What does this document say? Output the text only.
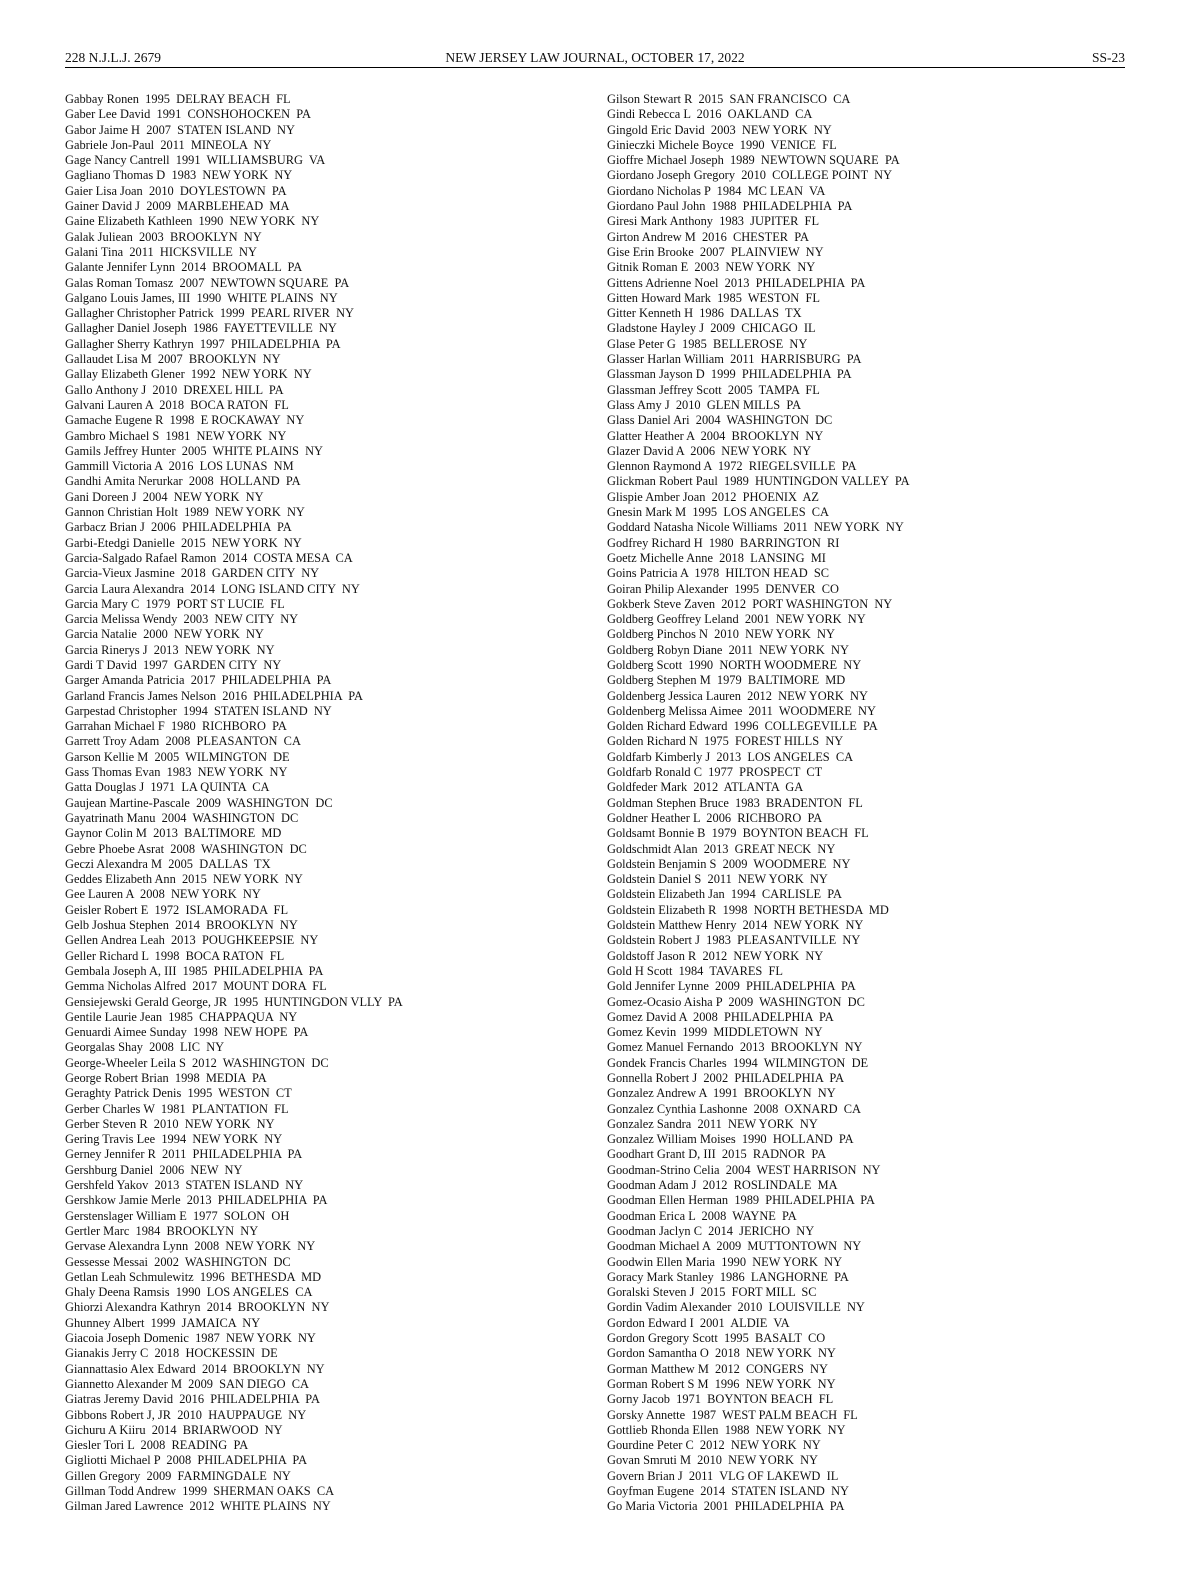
228 N.J.L.J. 2679	NEW JERSEY LAW JOURNAL, OCTOBER 17, 2022	SS-23
Gabbay Ronen  1995  DELRAY BEACH  FL
Gaber Lee David  1991  CONSHOHOCKEN  PA
Gabor Jaime H  2007  STATEN ISLAND  NY
Gabriele Jon-Paul  2011  MINEOLA  NY
Gage Nancy Cantrell  1991  WILLIAMSBURG  VA
Gagliano Thomas D  1983  NEW YORK  NY
Gaier Lisa Joan  2010  DOYLESTOWN  PA
Gainer David J  2009  MARBLEHEAD  MA
Gaine Elizabeth Kathleen  1990  NEW YORK  NY
Galak Juliean  2003  BROOKLYN  NY
Galani Tina  2011  HICKSVILLE  NY
Galante Jennifer Lynn  2014  BROOMALL  PA
Galas Roman Tomasz  2007  NEWTOWN SQUARE  PA
Galgano Louis James, III  1990  WHITE PLAINS  NY
Gallagher Christopher Patrick  1999  PEARL RIVER  NY
Gallagher Daniel Joseph  1986  FAYETTEVILLE  NY
Gallagher Sherry Kathryn  1997  PHILADELPHIA  PA
Gallaudet Lisa M  2007  BROOKLYN  NY
Gallay Elizabeth Glener  1992  NEW YORK  NY
Gallo Anthony J  2010  DREXEL HILL  PA
Galvani Lauren A  2018  BOCA RATON  FL
Gamache Eugene R  1998  E ROCKAWAY  NY
Gambro Michael S  1981  NEW YORK  NY
Gamils Jeffrey Hunter  2005  WHITE PLAINS  NY
Gammill Victoria A  2016  LOS LUNAS  NM
Gandhi Amita Nerurkar  2008  HOLLAND  PA
Gani Doreen J  2004  NEW YORK  NY
Gannon Christian Holt  1989  NEW YORK  NY
Garbacz Brian J  2006  PHILADELPHIA  PA
Garbi-Etedgi Danielle  2015  NEW YORK  NY
Garcia-Salgado Rafael Ramon  2014  COSTA MESA  CA
Garcia-Vieux Jasmine  2018  GARDEN CITY  NY
Garcia Laura Alexandra  2014  LONG ISLAND CITY  NY
Garcia Mary C  1979  PORT ST LUCIE  FL
Garcia Melissa Wendy  2003  NEW CITY  NY
Garcia Natalie  2000  NEW YORK  NY
Garcia Rinerys J  2013  NEW YORK  NY
Gardi T David  1997  GARDEN CITY  NY
Garger Amanda Patricia  2017  PHILADELPHIA  PA
Garland Francis James Nelson  2016  PHILADELPHIA  PA
Garpestad Christopher  1994  STATEN ISLAND  NY
Garrahan Michael F  1980  RICHBORO  PA
Garrett Troy Adam  2008  PLEASANTON  CA
Garson Kellie M  2005  WILMINGTON  DE
Gass Thomas Evan  1983  NEW YORK  NY
Gatta Douglas J  1971  LA QUINTA  CA
Gaujean Martine-Pascale  2009  WASHINGTON  DC
Gayatrinath Manu  2004  WASHINGTON  DC
Gaynor Colin M  2013  BALTIMORE  MD
Gebre Phoebe Asrat  2008  WASHINGTON  DC
Geczi Alexandra M  2005  DALLAS  TX
Geddes Elizabeth Ann  2015  NEW YORK  NY
Gee Lauren A  2008  NEW YORK  NY
Geisler Robert E  1972  ISLAMORADA  FL
Gelb Joshua Stephen  2014  BROOKLYN  NY
Gellen Andrea Leah  2013  POUGHKEEPSIE  NY
Geller Richard L  1998  BOCA RATON  FL
Gembala Joseph A, III  1985  PHILADELPHIA  PA
Gemma Nicholas Alfred  2017  MOUNT DORA  FL
Gensiejewski Gerald George, JR  1995  HUNTINGDON VLLY  PA
Gentile Laurie Jean  1985  CHAPPAQUA  NY
Genuardi Aimee Sunday  1998  NEW HOPE  PA
Georgalas Shay  2008  LIC  NY
George-Wheeler Leila S  2012  WASHINGTON  DC
George Robert Brian  1998  MEDIA  PA
Geraghty Patrick Denis  1995  WESTON  CT
Gerber Charles W  1981  PLANTATION  FL
Gerber Steven R  2010  NEW YORK  NY
Gering Travis Lee  1994  NEW YORK  NY
Gerney Jennifer R  2011  PHILADELPHIA  PA
Gershburg Daniel  2006  NEW  NY
Gershfeld Yakov  2013  STATEN ISLAND  NY
Gershkow Jamie Merle  2013  PHILADELPHIA  PA
Gerstenslager William E  1977  SOLON  OH
Gertler Marc  1984  BROOKLYN  NY
Gervase Alexandra Lynn  2008  NEW YORK  NY
Gessesse Messai  2002  WASHINGTON  DC
Getlan Leah Schmulewitz  1996  BETHESDA  MD
Ghaly Deena Ramsis  1990  LOS ANGELES  CA
Ghiorzi Alexandra Kathryn  2014  BROOKLYN  NY
Ghunney Albert  1999  JAMAICA  NY
Giacoia Joseph Domenic  1987  NEW YORK  NY
Gianakis Jerry C  2018  HOCKESSIN  DE
Giannattasio Alex Edward  2014  BROOKLYN  NY
Giannetto Alexander M  2009  SAN DIEGO  CA
Giatras Jeremy David  2016  PHILADELPHIA  PA
Gibbons Robert J, JR  2010  HAUPPAUGE  NY
Gichuru A Kiiru  2014  BRIARWOOD  NY
Giesler Tori L  2008  READING  PA
Gigliotti Michael P  2008  PHILADELPHIA  PA
Gillen Gregory  2009  FARMINGDALE  NY
Gillman Todd Andrew  1999  SHERMAN OAKS  CA
Gilman Jared Lawrence  2012  WHITE PLAINS  NY
Gilson Stewart R  2015  SAN FRANCISCO  CA
Gindi Rebecca L  2016  OAKLAND  CA
Gingold Eric David  2003  NEW YORK  NY
Ginieczki Michele Boyce  1990  VENICE  FL
Gioffre Michael Joseph  1989  NEWTOWN SQUARE  PA
Giordano Joseph Gregory  2010  COLLEGE POINT  NY
Giordano Nicholas P  1984  MC LEAN  VA
Giordano Paul John  1988  PHILADELPHIA  PA
Giresi Mark Anthony  1983  JUPITER  FL
Girton Andrew M  2016  CHESTER  PA
Gise Erin Brooke  2007  PLAINVIEW  NY
Gitnik Roman E  2003  NEW YORK  NY
Gittens Adrienne Noel  2013  PHILADELPHIA  PA
Gitten Howard Mark  1985  WESTON  FL
Gitter Kenneth H  1986  DALLAS  TX
Gladstone Hayley J  2009  CHICAGO  IL
Glase Peter G  1985  BELLEROSE  NY
Glasser Harlan William  2011  HARRISBURG  PA
Glassman Jayson D  1999  PHILADELPHIA  PA
Glassman Jeffrey Scott  2005  TAMPA  FL
Glass Amy J  2010  GLEN MILLS  PA
Glass Daniel Ari  2004  WASHINGTON  DC
Glatter Heather A  2004  BROOKLYN  NY
Glazer David A  2006  NEW YORK  NY
Glennon Raymond A  1972  RIEGELSVILLE  PA
Glickman Robert Paul  1989  HUNTINGDON VALLEY  PA
Glispie Amber Joan  2012  PHOENIX  AZ
Gnesin Mark M  1995  LOS ANGELES  CA
Goddard Natasha Nicole Williams  2011  NEW YORK  NY
Godfrey Richard H  1980  BARRINGTON  RI
Goetz Michelle Anne  2018  LANSING  MI
Goins Patricia A  1978  HILTON HEAD  SC
Goiran Philip Alexander  1995  DENVER  CO
Gokberk Steve Zaven  2012  PORT WASHINGTON  NY
Goldberg Geoffrey Leland  2001  NEW YORK  NY
Goldberg Pinchos N  2010  NEW YORK  NY
Goldberg Robyn Diane  2011  NEW YORK  NY
Goldberg Scott  1990  NORTH WOODMERE  NY
Goldberg Stephen M  1979  BALTIMORE  MD
Goldenberg Jessica Lauren  2012  NEW YORK  NY
Goldenberg Melissa Aimee  2011  WOODMERE  NY
Golden Richard Edward  1996  COLLEGEVILLE  PA
Golden Richard N  1975  FOREST HILLS  NY
Goldfarb Kimberly J  2013  LOS ANGELES  CA
Goldfarb Ronald C  1977  PROSPECT  CT
Goldfeder Mark  2012  ATLANTA  GA
Goldman Stephen Bruce  1983  BRADENTON  FL
Goldner Heather L  2006  RICHBORO  PA
Goldsamt Bonnie B  1979  BOYNTON BEACH  FL
Goldschmidt Alan  2013  GREAT NECK  NY
Goldstein Benjamin S  2009  WOODMERE  NY
Goldstein Daniel S  2011  NEW YORK  NY
Goldstein Elizabeth Jan  1994  CARLISLE  PA
Goldstein Elizabeth R  1998  NORTH BETHESDA  MD
Goldstein Matthew Henry  2014  NEW YORK  NY
Goldstein Robert J  1983  PLEASANTVILLE  NY
Goldstoff Jason R  2012  NEW YORK  NY
Gold H Scott  1984  TAVARES  FL
Gold Jennifer Lynne  2009  PHILADELPHIA  PA
Gomez-Ocasio Aisha P  2009  WASHINGTON  DC
Gomez David A  2008  PHILADELPHIA  PA
Gomez Kevin  1999  MIDDLETOWN  NY
Gomez Manuel Fernando  2013  BROOKLYN  NY
Gondek Francis Charles  1994  WILMINGTON  DE
Gonnella Robert J  2002  PHILADELPHIA  PA
Gonzalez Andrew A  1991  BROOKLYN  NY
Gonzalez Cynthia Lashonne  2008  OXNARD  CA
Gonzalez Sandra  2011  NEW YORK  NY
Gonzalez William Moises  1990  HOLLAND  PA
Goodhart Grant D, III  2015  RADNOR  PA
Goodman-Strino Celia  2004  WEST HARRISON  NY
Goodman Adam J  2012  ROSLINDALE  MA
Goodman Ellen Herman  1989  PHILADELPHIA  PA
Goodman Erica L  2008  WAYNE  PA
Goodman Jaclyn C  2014  JERICHO  NY
Goodman Michael A  2009  MUTTONTOWN  NY
Goodwin Ellen Maria  1990  NEW YORK  NY
Goracy Mark Stanley  1986  LANGHORNE  PA
Goralski Steven J  2015  FORT MILL  SC
Gordin Vadim Alexander  2010  LOUISVILLE  NY
Gordon Edward I  2001  ALDIE  VA
Gordon Gregory Scott  1995  BASALT  CO
Gordon Samantha O  2018  NEW YORK  NY
Gorman Matthew M  2012  CONGERS  NY
Gorman Robert S M  1996  NEW YORK  NY
Gorny Jacob  1971  BOYNTON BEACH  FL
Gorsky Annette  1987  WEST PALM BEACH  FL
Gottlieb Rhonda Ellen  1988  NEW YORK  NY
Gourdine Peter C  2012  NEW YORK  NY
Govan Smruti M  2010  NEW YORK  NY
Govern Brian J  2011  VLG OF LAKEWD  IL
Goyfman Eugene  2014  STATEN ISLAND  NY
Go Maria Victoria  2001  PHILADELPHIA  PA
